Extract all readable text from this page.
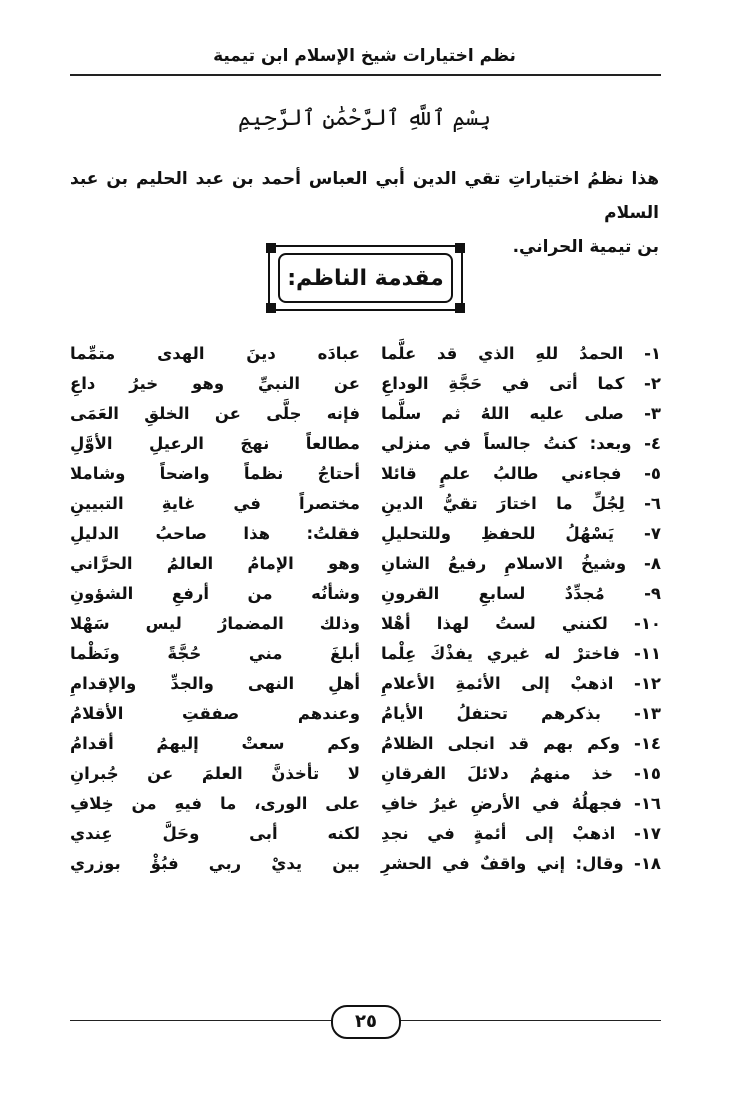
نظم اختيارات شيخ الإسلام ابن تيمية
بِسْمِ ٱللَّهِ ٱلرَّحْمَٰنِ ٱلرَّحِيمِ
هذا نظمُ اختياراتِ تقي الدين أبي العباس أحمد بن عبد الحليم بن عبد السلام
بن تيمية الحراني.
مقدمة الناظم:
١- الحمدُ للهِ الذي قد علَّما
عبادَه دينَ الهدى متمِّما
٢- كما أتى في حَجَّةِ الوداعِ
عن النبيِّ وهو خيرُ داعِ
٣- صلى عليه اللهُ ثم سلَّما
فإنه جلَّى عن الخلقِ العَمَى
٤- وبعد: كنتُ جالساً في منزلي
مطالعاً نهجَ الرعيلِ الأوَّلِ
٥- فجاءني طالبُ علمٍ قائلا
أحتاجُ نظماً واضحاً وشاملا
٦- لِجُلِّ ما اختارَ تقيُّ الدينِ
مختصراً في غايةِ التبيينِ
٧- يَسْهُلُ للحفظِ وللتحليلِ
فقلتُ: هذا صاحبُ الدليلِ
٨- وشيخُ الاسلامِ رفيعُ الشانِ
وهو الإمامُ العالمُ الحرَّاني
٩- مُجدِّدٌ لسابعِ القرونِ
وشأنُه من أرفعِ الشؤونِ
١٠- لكنني لستُ لهذا أهْلا
وذلك المضمارُ ليس سَهْلا
١١- فاخترْ له غيري يفذْكَ عِلْما
أبلغَ مني حُجَّةً ونَظْما
١٢- اذهبْ إلى الأئمةِ الأعلامِ
أهلِ النهى والجدِّ والإقدامِ
١٣- بذكرهم تحتفلُ الأيامُ
وعندهم صفقتِ الأقلامُ
١٤- وكم بهم قد انجلى الظلامُ
وكم سعتْ إليهمُ أقدامُ
١٥- خذ منهمُ دلائلَ الفرقانِ
لا تأخذنَّ العلمَ عن جُبرانِ
١٦- فجهلُهُ في الأرضِ غيرُ خافِ
على الورى، ما فيهِ من خِلافِ
١٧- اذهبْ إلى أئمةٍ في نجدِ
لكنه أبى وحَلَّ عِندي
١٨- وقال: إني واقفٌ في الحشرِ
بين يديْ ربي فبُؤْ بوزري
٢٥
